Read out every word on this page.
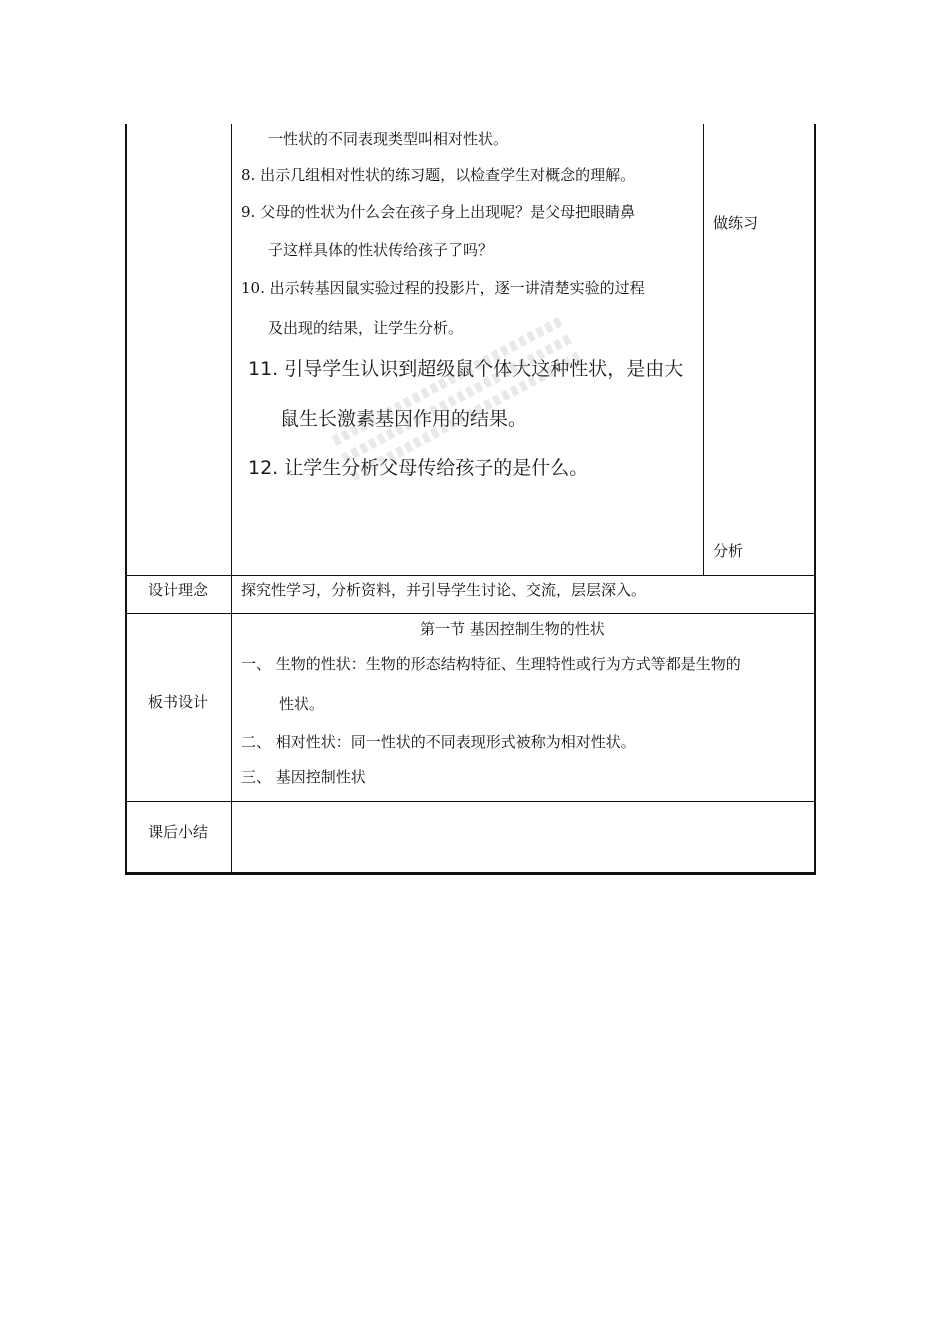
一性状的不同表现类型叫相对性状。
8. 出示几组相对性状的练习题，以检查学生对概念的理解。
9. 父母的性状为什么会在孩子身上出现呢？是父母把眼睛鼻
子这样具体的性状传给孩子了吗？
10. 出示转基因鼠实验过程的投影片，逐一讲清楚实验的过程
及出现的结果，让学生分析。
11. 引导学生认识到超级鼠个体大这种性状，是由大
鼠生长激素基因作用的结果。
12. 让学生分析父母传给孩子的是什么。
做练习
分析
设计理念 探究性学习，分析资料，并引导学生讨论、交流，层层深入。
板书设计
第一节 基因控制生物的性状
一、 生物的性状：生物的形态结构特征、生理特性或行为方式等都是生物的
性状。
二、 相对性状：同一性状的不同表现形式被称为相对性状。
三、 基因控制性状
课后小结
